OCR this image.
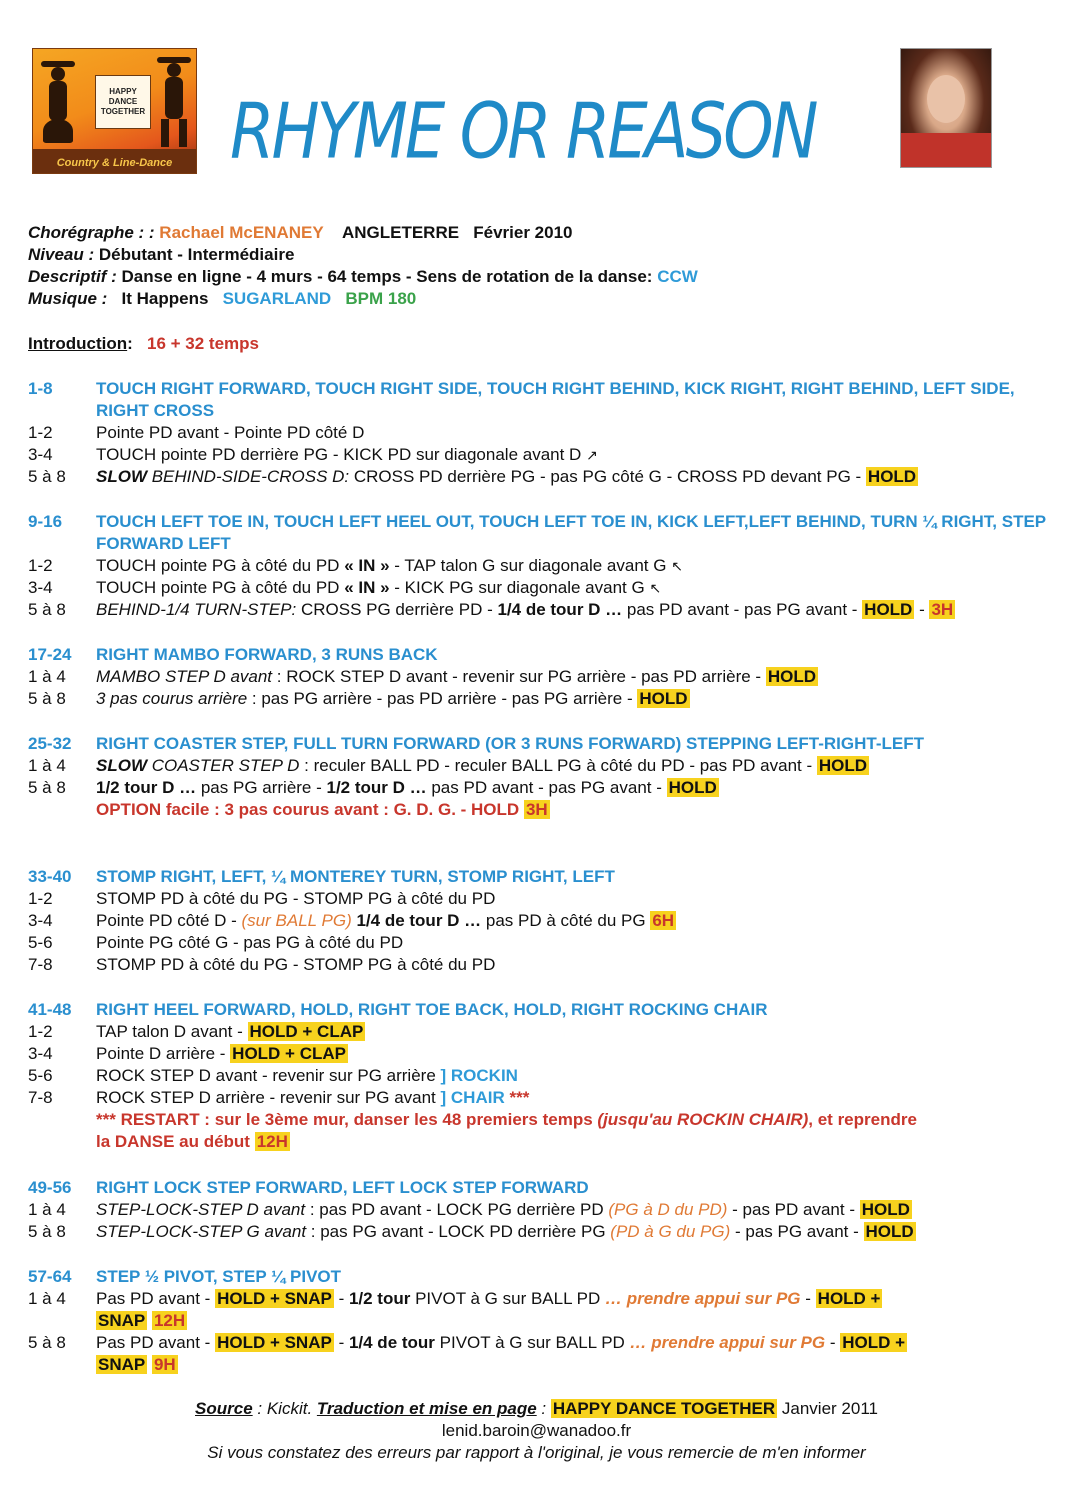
HAPPY DANCE TOGETHER
Country & Line-Dance RHYME OR REASON
Chorégraphe : : Rachael McENANEY ANGLETERRE Février 2010
Niveau : Débutant - Intermédiaire
Descriptif : Danse en ligne - 4 murs - 64 temps - Sens de rotation de la danse: CCW
Musique : It Happens SUGARLAND BPM 180
Introduction:   16 + 32 temps
1-8	TOUCH RIGHT FORWARD, TOUCH RIGHT SIDE, TOUCH RIGHT BEHIND, KICK RIGHT, RIGHT BEHIND, LEFT SIDE, RIGHT CROSS
1-2	Pointe PD avant - Pointe PD côté D
3-4	TOUCH pointe PD derrière PG - KICK PD sur diagonale avant D ↗
5 à 8 SLOW BEHIND-SIDE-CROSS D: CROSS PD derrière PG - pas PG côté G - CROSS PD devant PG - HOLD
9-16 TOUCH LEFT TOE IN, TOUCH LEFT HEEL OUT, TOUCH LEFT TOE IN, KICK LEFT,LEFT BEHIND, TURN ¼ RIGHT, STEP FORWARD LEFT
1-2	TOUCH pointe PG à côté du PD « IN » - TAP talon G sur diagonale avant G ↖
3-4	TOUCH pointe PG à côté du PD « IN » - KICK PG sur diagonale avant G ↖
5 à 8 BEHIND-1/4 TURN-STEP: CROSS PG derrière PD - 1/4 de tour D … pas PD avant - pas PG avant - HOLD - 3H
17-24 RIGHT MAMBO FORWARD, 3 RUNS BACK
1 à 4 MAMBO STEP D avant : ROCK STEP D avant - revenir sur PG arrière - pas PD arrière - HOLD
5 à 8 3 pas courus arrière : pas PG arrière - pas PD arrière - pas PG arrière - HOLD
25-32 RIGHT COASTER STEP, FULL TURN FORWARD (OR 3 RUNS FORWARD) STEPPING LEFT-RIGHT-LEFT
1 à 4 SLOW COASTER STEP D : reculer BALL PD - reculer BALL PG à côté du PD - pas PD avant - HOLD
5 à 8 1/2 tour D … pas PG arrière - 1/2 tour D … pas PD avant - pas PG avant - HOLD
OPTION facile : 3 pas courus avant : G. D. G. - HOLD 3H
33-40 STOMP RIGHT, LEFT, ¼ MONTEREY TURN, STOMP RIGHT, LEFT
1-2	STOMP PD à côté du PG - STOMP PG à côté du PD
3-4	Pointe PD côté D - (sur BALL PG) 1/4 de tour D … pas PD à côté du PG 6H
5-6	Pointe PG côté G - pas PG à côté du PD
7-8	STOMP PD à côté du PG - STOMP PG à côté du PD
41-48 RIGHT HEEL FORWARD, HOLD, RIGHT TOE BACK, HOLD, RIGHT ROCKING CHAIR
1-2	TAP talon D avant - HOLD + CLAP
3-4	Pointe D arrière - HOLD + CLAP
5-6	ROCK STEP D avant - revenir sur PG arrière ] ROCKIN
7-8	ROCK STEP D arrière - revenir sur PG avant ] CHAIR ***
*** RESTART : sur le 3ème mur, danser les 48 premiers temps (jusqu'au ROCKIN CHAIR), et reprendre
la DANSE au début 12H
49-56 RIGHT LOCK STEP FORWARD, LEFT LOCK STEP FORWARD
1 à 4 STEP-LOCK-STEP D avant : pas PD avant - LOCK PG derrière PD (PG à D du PD) - pas PD avant - HOLD
5 à 8 STEP-LOCK-STEP G avant : pas PG avant - LOCK PD derrière PG (PD à G du PG) - pas PG avant - HOLD
57-64 STEP ½ PIVOT, STEP ¼ PIVOT
1 à 4 Pas PD avant - HOLD + SNAP - 1/2 tour PIVOT à G sur BALL PD … prendre appui sur PG - HOLD +
SNAP 12H
5 à 8 Pas PD avant - HOLD + SNAP - 1/4 de tour PIVOT à G sur BALL PD … prendre appui sur PG - HOLD +
SNAP 9H
Source : Kickit. Traduction et mise en page : HAPPY DANCE TOGETHER Janvier 2011
lenid.baroin@wanadoo.fr
Si vous constatez des erreurs par rapport à l'original, je vous remercie de m'en informer
